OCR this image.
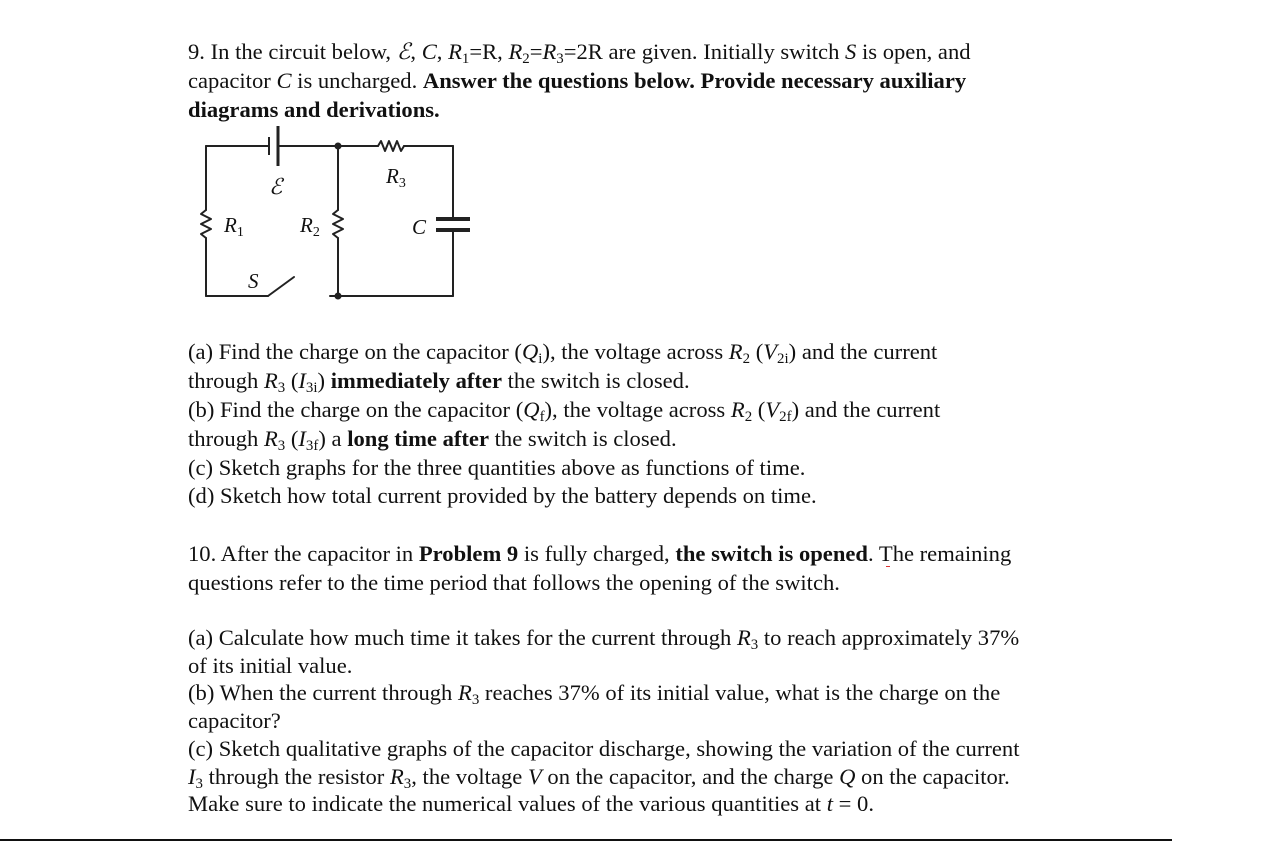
9. In the circuit below, ℰ, C, $R_1=R$, $R_2=R_3=2R$ are given. Initially switch S is open, and
capacitor C is uncharged. Answer the questions below. Provide necessary auxiliary
diagrams and derivations.
ℰ	R3
R1	R2	C
S
(a) Find the charge on the capacitor $(Q_i)$, the voltage across $R_2$ $(V_{2i})$ and the current
through $R_3$ $(I_{3i})$ immediately after the switch is closed.
(b) Find the charge on the capacitor $(Q_f)$, the voltage across $R_2$ $(V_{2f})$ and the current
through $R_3$ $(I_{3f})$ a long time after the switch is closed.
(c) Sketch graphs for the three quantities above as functions of time.
(d) Sketch how total current provided by the battery depends on time.
10. After the capacitor in Problem 9 is fully charged, the switch is opened. The remaining
questions refer to the time period that follows the opening of the switch.
(a) Calculate how much time it takes for the current through $R_3$ to reach approximately 37%
of its initial value.
(b) When the current through $R_3$ reaches 37% of its initial value, what is the charge on the
capacitor?
(c) Sketch qualitative graphs of the capacitor discharge, showing the variation of the current
$I_3$ through the resistor $R_3$, the voltage V on the capacitor, and the charge Q on the capacitor.
Make sure to indicate the numerical values of the various quantities at t = 0.
